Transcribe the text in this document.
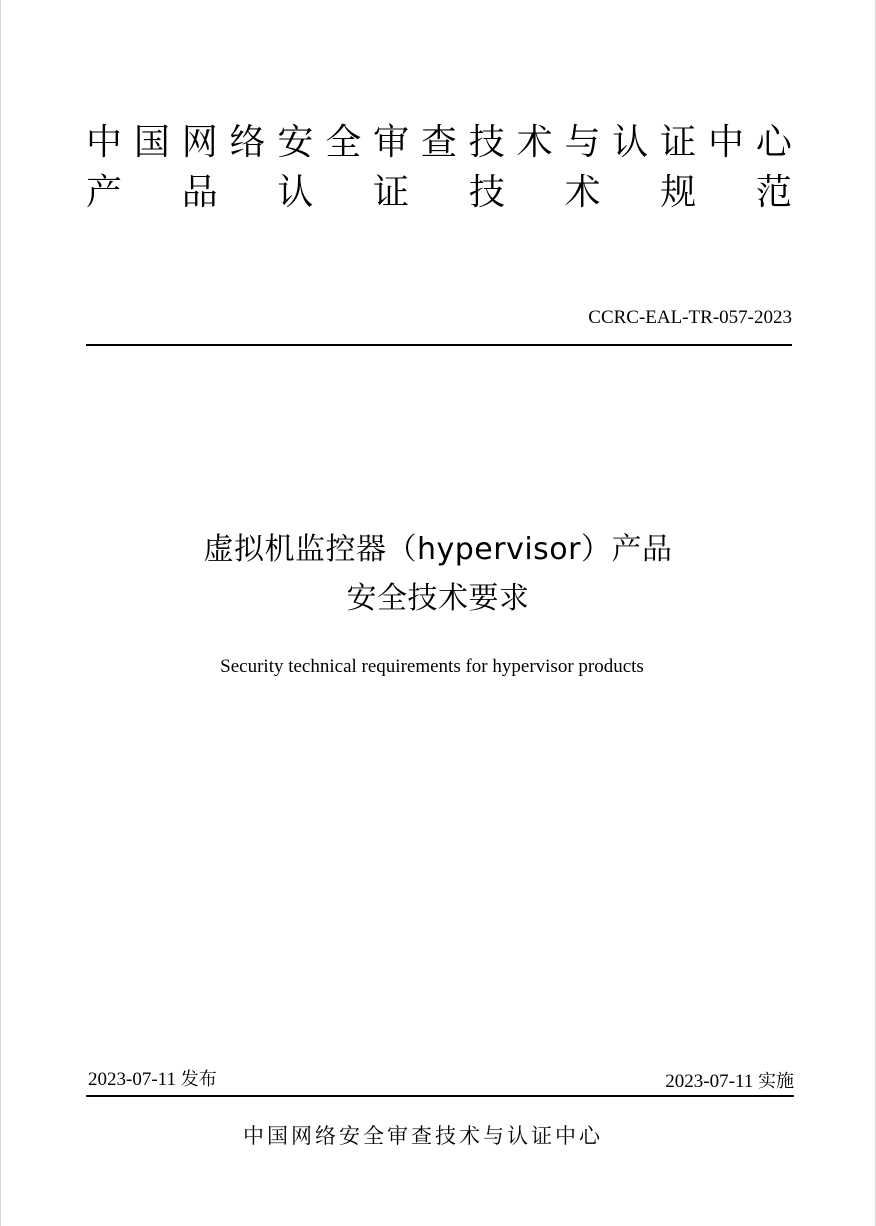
中 国 网 络 安 全 审 查 技 术 与 认 证 中 心
产 品 认 证 技 术 规 范
CCRC-EAL-TR-057-2023
虚拟机监控器（hypervisor）产品
安全技术要求
Security technical requirements for hypervisor products
2023-07-11 发布	2023-07-11 实施
中国网络安全审查技术与认证中心
